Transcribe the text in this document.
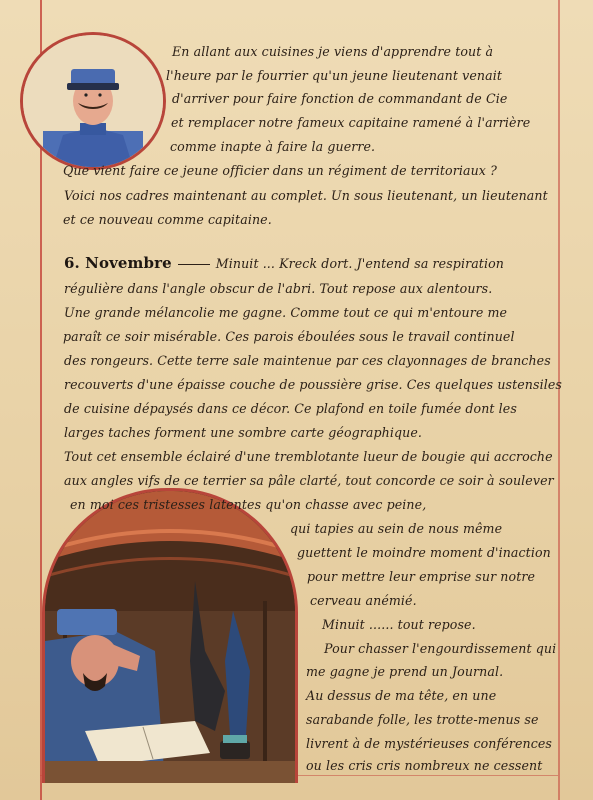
En allant aux cuisines je viens d'apprendre tout à
l'heure par le fourrier qu'un jeune lieutenant venait
d'arriver pour faire fonction de commandant de Cie
et remplacer notre fameux capitaine ramené à l'arrière
comme inapte à faire la guerre.
Que vient faire ce jeune officier dans un régiment de territoriaux ?
Voici nos cadres maintenant au complet. Un sous lieutenant, un lieutenant
et ce nouveau comme capitaine.
6. Novembre	Minuit ... Kreck dort. J'entend sa respiration
régulière dans l'angle obscur de l'abri. Tout repose aux alentours.
Une grande mélancolie me gagne. Comme tout ce qui m'entoure me
paraît ce soir misérable. Ces parois éboulées sous le travail continuel
des rongeurs. Cette terre sale maintenue par ces clayonnages de branches
recouverts d'une épaisse couche de poussière grise. Ces quelques ustensiles
de cuisine dépaysés dans ce décor. Ce plafond en toile fumée dont les
larges taches forment une sombre carte géographique.
Tout cet ensemble éclairé d'une tremblotante lueur de bougie qui accroche
aux angles vifs de ce terrier sa pâle clarté, tout concorde ce soir à soulever
en moi ces tristesses latentes qu'on chasse avec peine,
qui tapies au sein de nous même
guettent le moindre moment d'inaction
pour mettre leur emprise sur notre
cerveau anémié.
Minuit ...... tout repose.
Pour chasser l'engourdissement qui
me gagne je prend un Journal.
Au dessus de ma tête, en une
sarabande folle, les trotte-menus se
livrent à de mystérieuses conférences
ou les cris cris nombreux ne cessent
